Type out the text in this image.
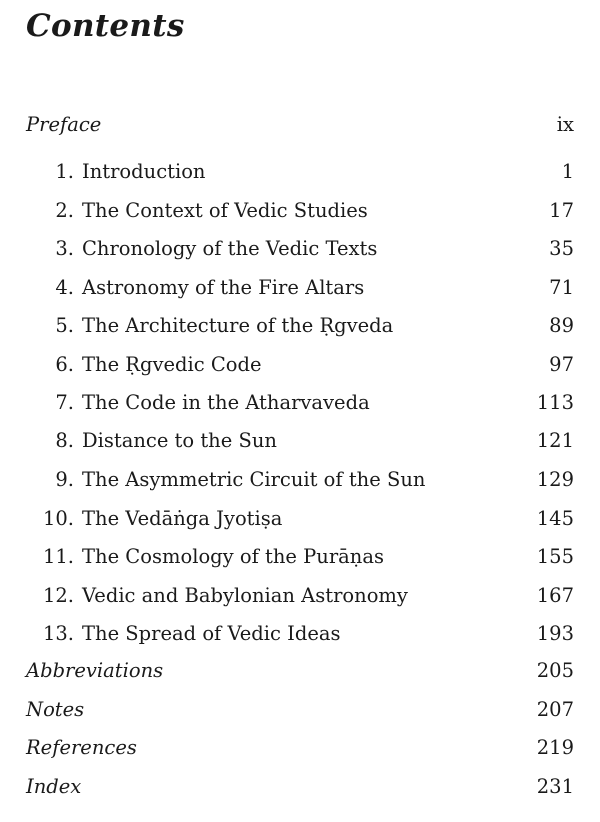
Contents
Preface	ix
1. Introduction	1
2. The Context of Vedic Studies	17
3. Chronology of the Vedic Texts	35
4. Astronomy of the Fire Altars	71
5. The Architecture of the Ṛgveda	89
6. The Ṛgvedic Code	97
7. The Code in the Atharvaveda	113
8. Distance to the Sun	121
9. The Asymmetric Circuit of the Sun	129
10. The Vedāṅga Jyotiṣa	145
11. The Cosmology of the Purāṇas	155
12. Vedic and Babylonian Astronomy	167
13. The Spread of Vedic Ideas	193
Abbreviations	205
Notes	207
References	219
Index	231
